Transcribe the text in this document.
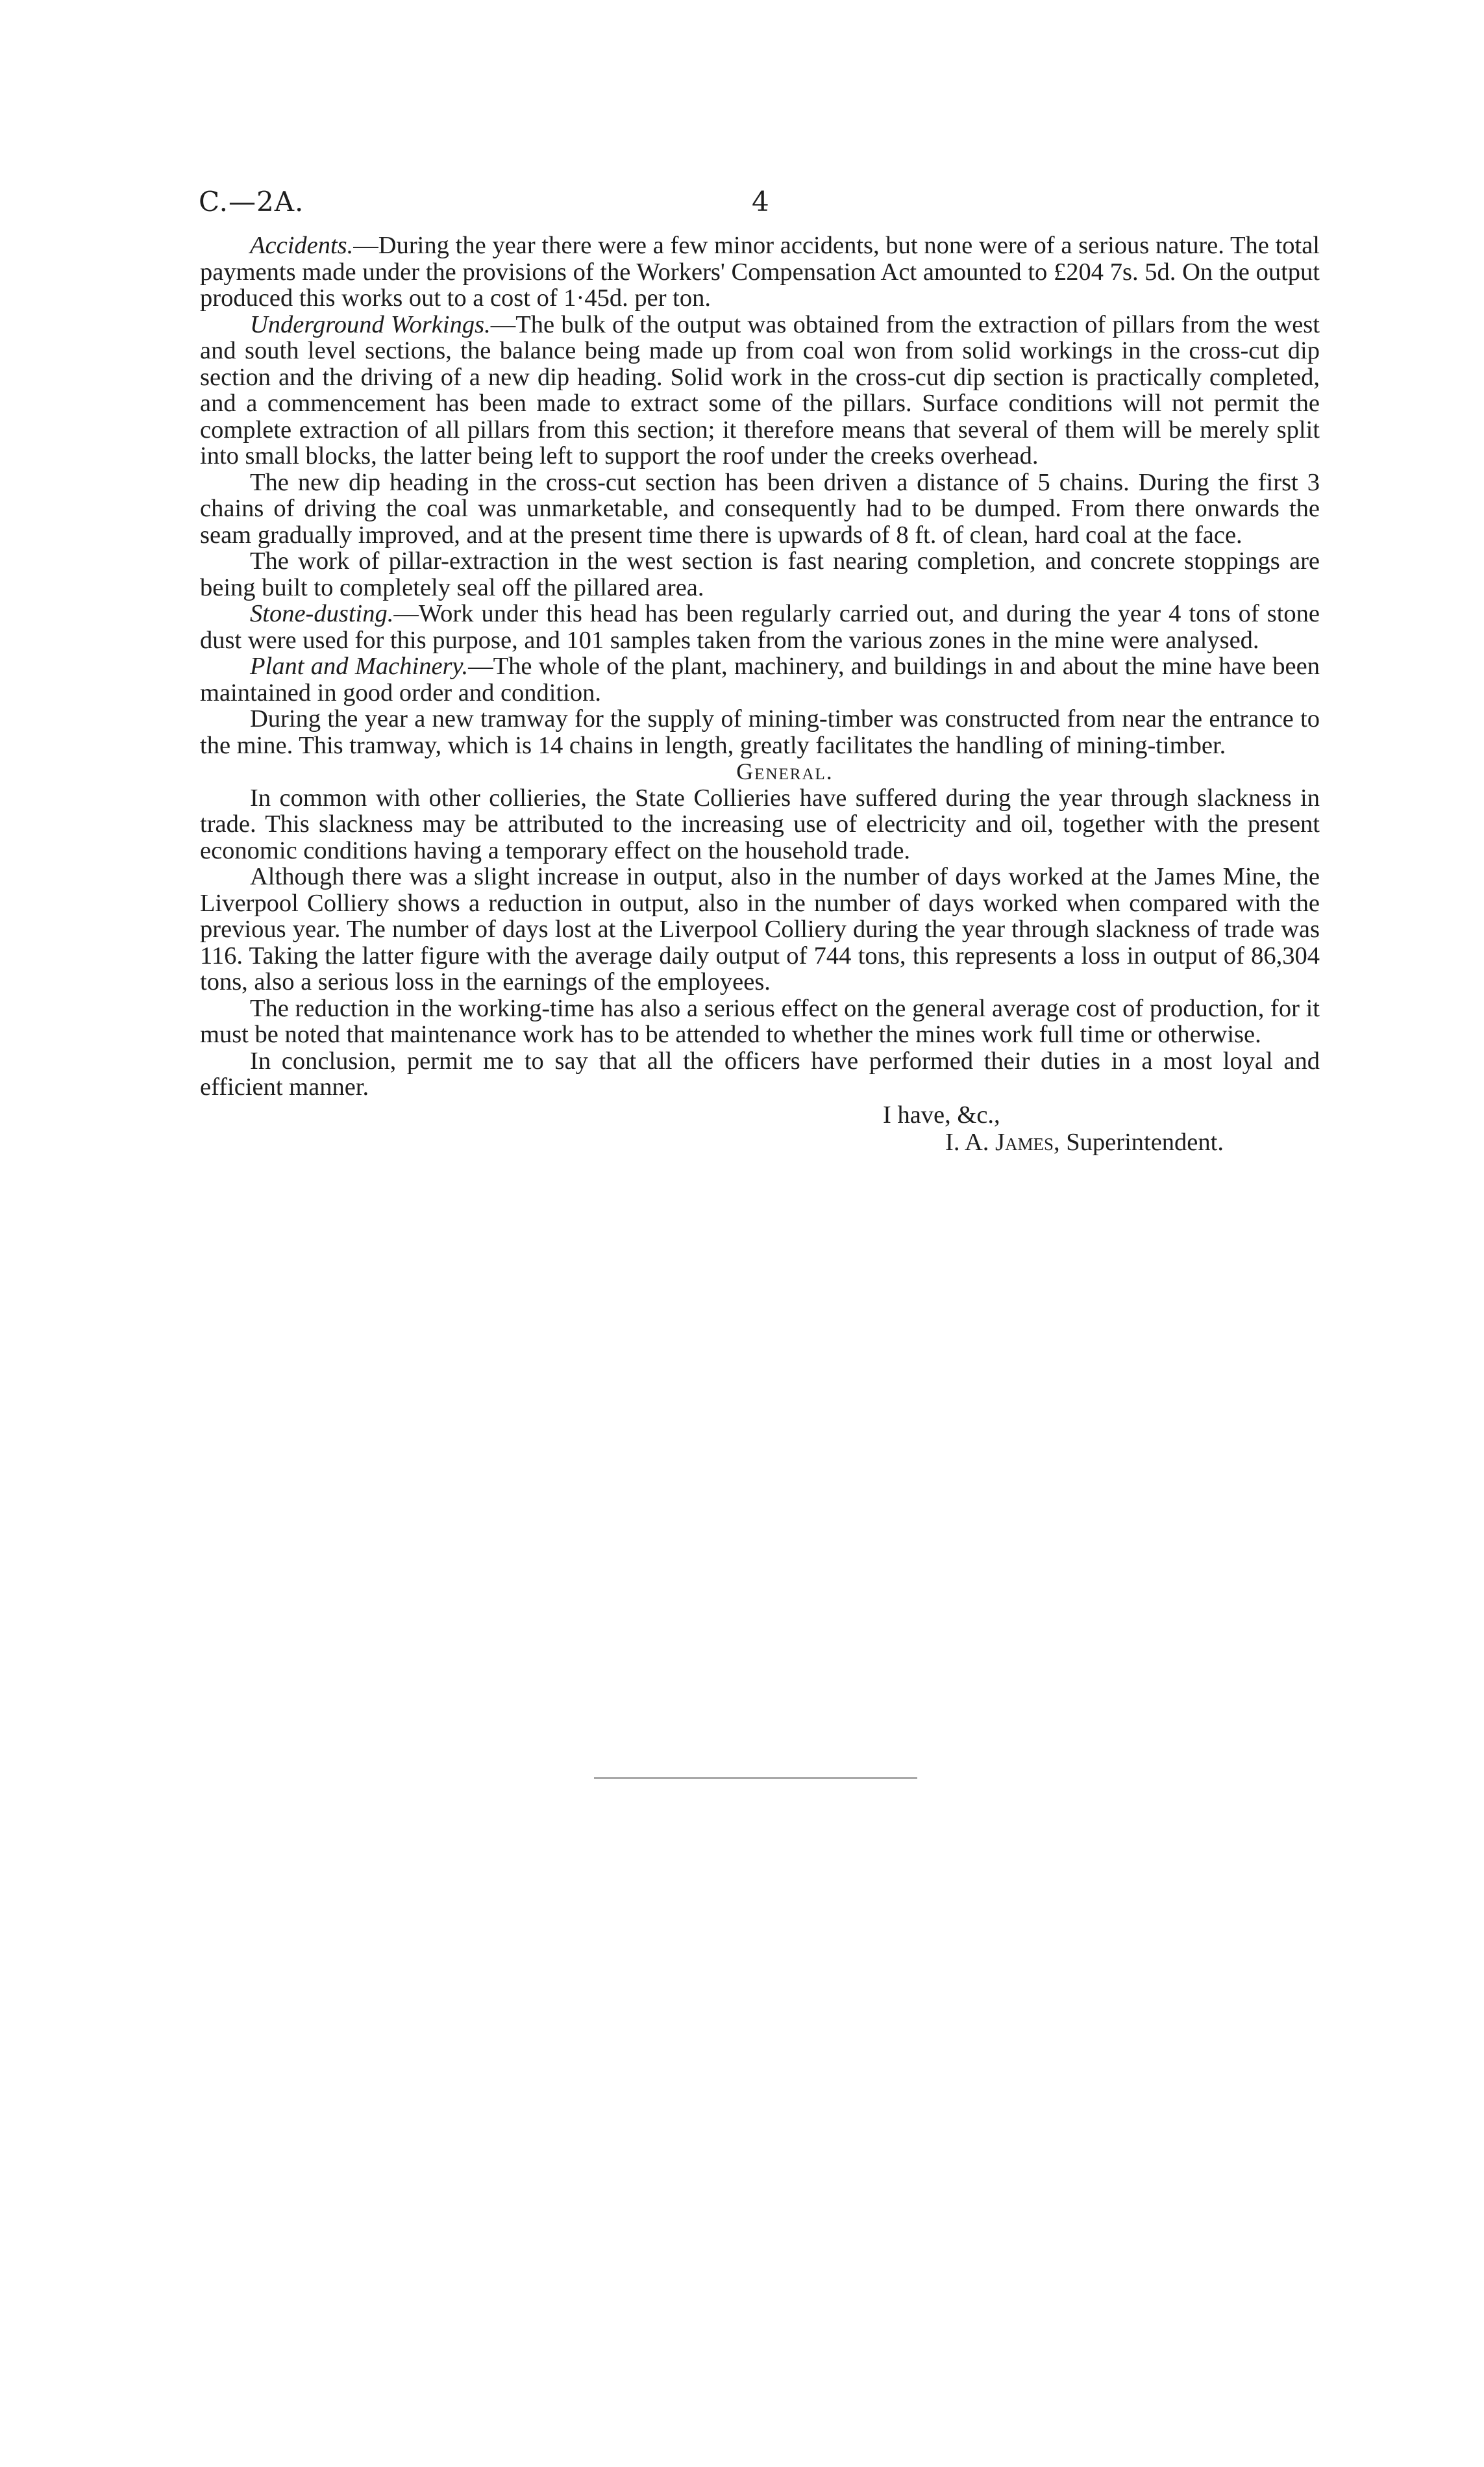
C.—2A.	4

Accidents.—During the year there were a few minor accidents, but none were of a serious nature. The total payments made under the provisions of the Workers' Compensation Act amounted to £204 7s. 5d. On the output produced this works out to a cost of 1·45d. per ton.

Underground Workings.—The bulk of the output was obtained from the extraction of pillars from the west and south level sections, the balance being made up from coal won from solid workings in the cross-cut dip section and the driving of a new dip heading. Solid work in the cross-cut dip section is practically completed, and a commencement has been made to extract some of the pillars. Surface conditions will not permit the complete extraction of all pillars from this section; it therefore means that several of them will be merely split into small blocks, the latter being left to support the roof under the creeks overhead.

The new dip heading in the cross-cut section has been driven a distance of 5 chains. During the first 3 chains of driving the coal was unmarketable, and consequently had to be dumped. From there onwards the seam gradually improved, and at the present time there is upwards of 8 ft. of clean, hard coal at the face.

The work of pillar-extraction in the west section is fast nearing completion, and concrete stoppings are being built to completely seal off the pillared area.

Stone-dusting.—Work under this head has been regularly carried out, and during the year 4 tons of stone dust were used for this purpose, and 101 samples taken from the various zones in the mine were analysed.

Plant and Machinery.—The whole of the plant, machinery, and buildings in and about the mine have been maintained in good order and condition.

During the year a new tramway for the supply of mining-timber was constructed from near the entrance to the mine. This tramway, which is 14 chains in length, greatly facilitates the handling of mining-timber.

General.

In common with other collieries, the State Collieries have suffered during the year through slackness in trade. This slackness may be attributed to the increasing use of electricity and oil, together with the present economic conditions having a temporary effect on the household trade.

Although there was a slight increase in output, also in the number of days worked at the James Mine, the Liverpool Colliery shows a reduction in output, also in the number of days worked when compared with the previous year. The number of days lost at the Liverpool Colliery during the year through slackness of trade was 116. Taking the latter figure with the average daily output of 744 tons, this represents a loss in output of 86,304 tons, also a serious loss in the earnings of the employees.

The reduction in the working-time has also a serious effect on the general average cost of production, for it must be noted that maintenance work has to be attended to whether the mines work full time or otherwise.

In conclusion, permit me to say that all the officers have performed their duties in a most loyal and efficient manner.

I have, &c.,
I. A. James, Superintendent.
